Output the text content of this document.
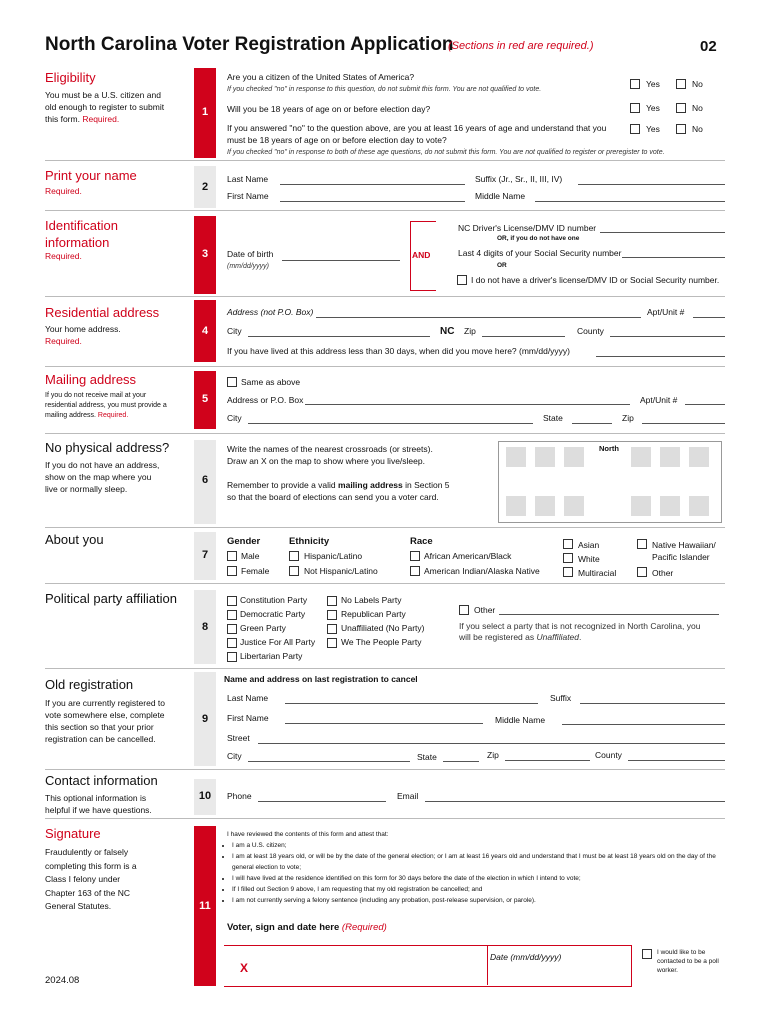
North Carolina Voter Registration Application
(Sections in red are required.)	02
Eligibility
You must be a U.S. citizen and old enough to register to submit this form. Required.
1
Are you a citizen of the United States of America?
If you checked "no" in response to this question, do not submit this form. You are not qualified to vote.
Will you be 18 years of age on or before election day?
If you answered "no" to the question above, are you at least 16 years of age and understand that you must be 18 years of age on or before election day to vote?
If you checked "no" in response to both of these age questions, do not submit this form. You are not qualified to register or preregister to vote.
Yes	No
Yes	No
Yes	No
Print your name
Required.	2
Last Name	Suffix (Jr., Sr., II, III, IV)
First Name	Middle Name
Identification information
Required.	3	Date of birth
(mm/dd/yyyy)
AND
NC Driver's License/DMV ID number
OR, if you do not have one
Last 4 digits of your Social Security number
OR
I do not have a driver's license/DMV ID or Social Security number.
Residential address
Your home address.
Required.
4
Address (not P.O. Box)	Apt/Unit #
City	NC Zip	County
If you have lived at this address less than 30 days, when did you move here? (mm/dd/yyyy)
Mailing address
If you do not receive mail at your residential address, you must provide a mailing address. Required.
5
Same as above
Address or P.O. Box	Apt/Unit #
City	State	Zip
No physical address?
If you do not have an address, show on the map where you live or normally sleep.
6
Write the names of the nearest crossroads (or streets). Draw an X on the map to show where you live/sleep.
Remember to provide a valid mailing address in Section 5 so that the board of elections can send you a voter card.
North
About you
7
Gender
Male
Female
Ethnicity
Hispanic/Latino
Not Hispanic/Latino
Race
African American/Black
American Indian/Alaska Native
Asian
White
Multiracial
Native Hawaiian/ Pacific Islander
Other
Political party affiliation
8
Constitution Party
Democratic Party
Green Party
Justice For All Party
Libertarian Party
No Labels Party
Republican Party
Unaffiliated (No Party)
We The People Party
Other
If you select a party that is not recognized in North Carolina, you will be registered as Unaffiliated.
Old registration
If you are currently registered to vote somewhere else, complete this section so that your prior registration can be cancelled.
9
Name and address on last registration to cancel
Last Name	Suffix
First Name	Middle Name
Street
City	State	Zip	County
Contact information
This optional information is helpful if we have questions.
10	Phone	Email
Signature
Fraudulently or falsely completing this form is a Class I felony under Chapter 163 of the NC General Statutes.	11
I have reviewed the contents of this form and attest that:
• I am a U.S. citizen;
• I am at least 18 years old, or will be by the date of the general election; or I am at least 16 years old and understand that I must be at least 18 years old on the day of the general election to vote;
• I will have lived at the residence identified on this form for 30 days before the date of the election in which I intend to vote;
• If I filled out Section 9 above, I am requesting that my old registration be cancelled; and
• I am not currently serving a felony sentence (including any probation, post-release supervision, or parole).
Voter, sign and date here (Required)
X
Date (mm/dd/yyyy)	I would like to be contacted to be a poll worker.
2024.08
